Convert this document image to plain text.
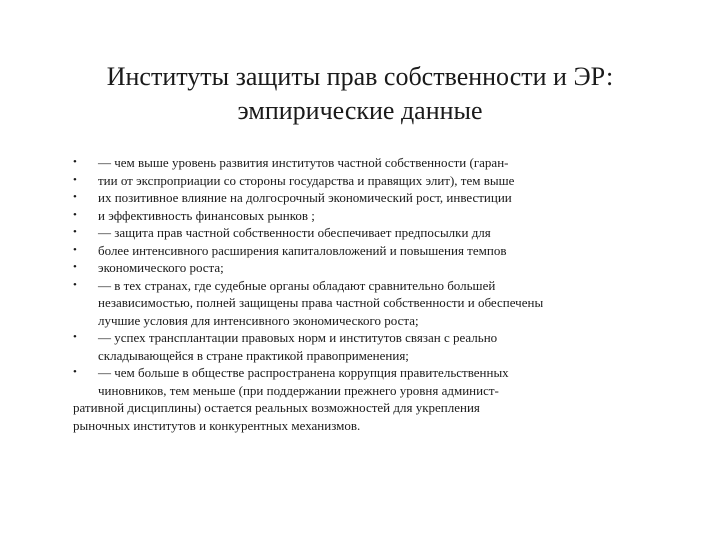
Институты защиты прав собственности и ЭР:
эмпирические данные
•	— чем выше уровень развития институтов частной собственности (гаран-
•	тии от экспроприации со стороны государства и правящих элит), тем выше
•	их позитивное влияние на долгосрочный экономический рост, инвестиции
•	и эффективность финансовых рынков ;
•	— защита прав частной собственности обеспечивает предпосылки для
•	более интенсивного расширения капиталовложений и повышения темпов
•	экономического роста;
•	— в тех странах, где судебные органы обладают сравнительно большей
независимостью, полней защищены права частной собственности и обеспечены
лучшие условия для интенсивного экономического роста;
•	— успех трансплантации правовых норм и институтов связан с реально
складывающейся в стране практикой правоприменения;
•	— чем больше в обществе распространена коррупция правительственных
чиновников, тем меньше (при поддержании прежнего уровня админист-
ративной дисциплины) остается реальных возможностей для укрепления
рыночных институтов и конкурентных механизмов.
